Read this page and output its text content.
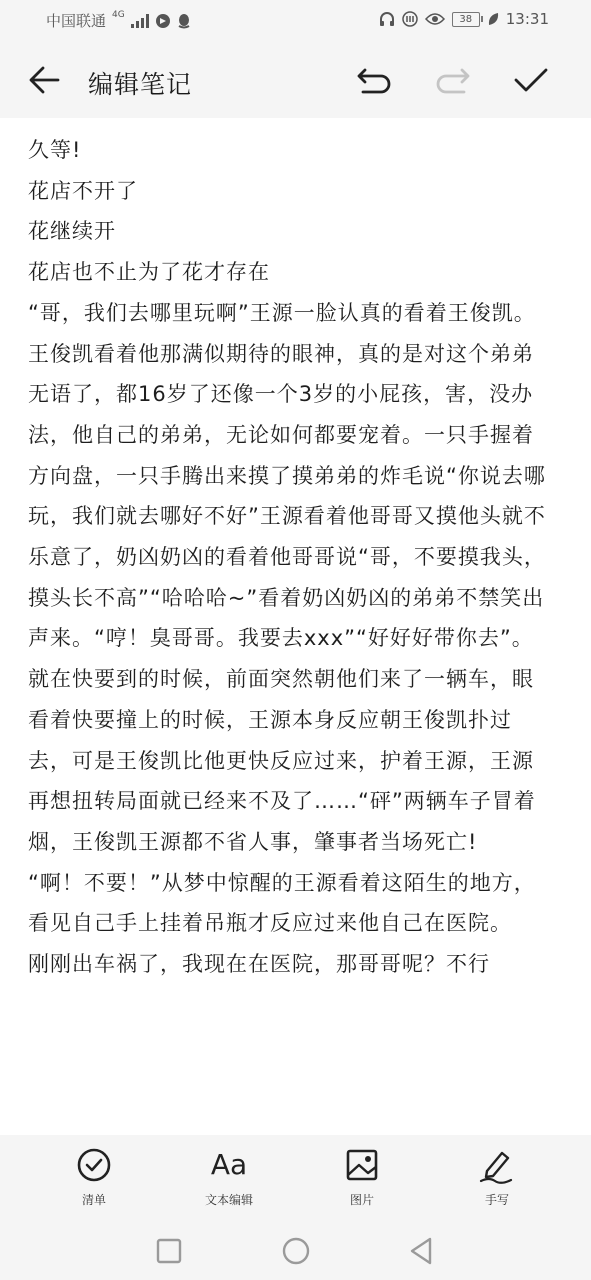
中国联通 4G	38 13:31
编辑笔记

久等!

花店不开了

花继续开

花店也不止为了花才存在

“哥，我们去哪里玩啊”王源一脸认真的看着王俊凯。王俊凯看着他那满似期待的眼神，真的是对这个弟弟无语了，都16岁了还像一个3岁的小屁孩，害，没办法，他自己的弟弟，无论如何都要宠着。一只手握着方向盘，一只手腾出来摸了摸弟弟的炸毛说“你说去哪玩，我们就去哪好不好”王源看着他哥哥又摸他头就不乐意了，奶凶奶凶的看着他哥哥说“哥，不要摸我头，摸头长不高”“哈哈哈~”看着奶凶奶凶的弟弟不禁笑出声来。“哼！臭哥哥。我要去xxx”“好好好带你去”。

就在快要到的时候，前面突然朝他们来了一辆车，眼看着快要撞上的时候，王源本身反应朝王俊凯扑过去，可是王俊凯比他更快反应过来，护着王源，王源再想扭转局面就已经来不及了……“砰”两辆车子冒着烟，王俊凯王源都不省人事，肇事者当场死亡!

“啊！不要！”从梦中惊醒的王源看着这陌生的地方，看见自己手上挂着吊瓶才反应过来他自己在医院。

刚刚出车祸了，我现在在医院，那哥哥呢？不行

清单
Aa
文本编辑	图片	手写
